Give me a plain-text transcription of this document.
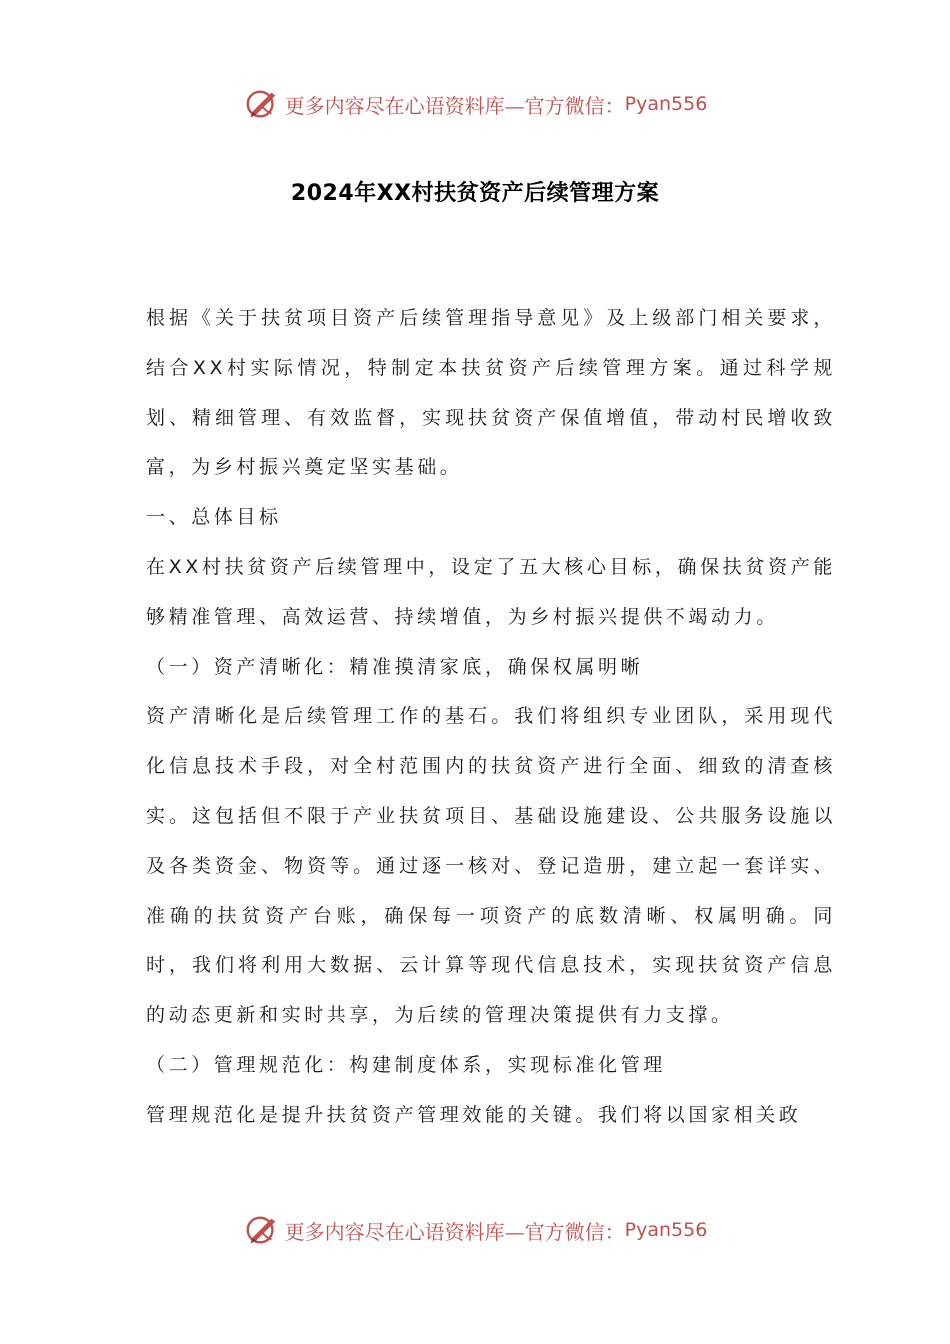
更多内容尽在心语资料库—官方微信： Pyan556
2024年XX村扶贫资产后续管理方案

根据《关于扶贫项目资产后续管理指导意见》及上级部门相关要求，结合XX村实际情况，特制定本扶贫资产后续管理方案。通过科学规划、精细管理、有效监督，实现扶贫资产保值增值，带动村民增收致富，为乡村振兴奠定坚实基础。

一、总体目标

在XX村扶贫资产后续管理中，设定了五大核心目标，确保扶贫资产能够精准管理、高效运营、持续增值，为乡村振兴提供不竭动力。

（一）资产清晰化：精准摸清家底，确保权属明晰

资产清晰化是后续管理工作的基石。我们将组织专业团队，采用现代化信息技术手段，对全村范围内的扶贫资产进行全面、细致的清查核实。这包括但不限于产业扶贫项目、基础设施建设、公共服务设施以及各类资金、物资等。通过逐一核对、登记造册，建立起一套详实、准确的扶贫资产台账，确保每一项资产的底数清晰、权属明确。同时，我们将利用大数据、云计算等现代信息技术，实现扶贫资产信息的动态更新和实时共享，为后续的管理决策提供有力支撑。

（二）管理规范化：构建制度体系，实现标准化管理

管理规范化是提升扶贫资产管理效能的关键。我们将以国家相关政

更多内容尽在心语资料库—官方微信： Pyan556
